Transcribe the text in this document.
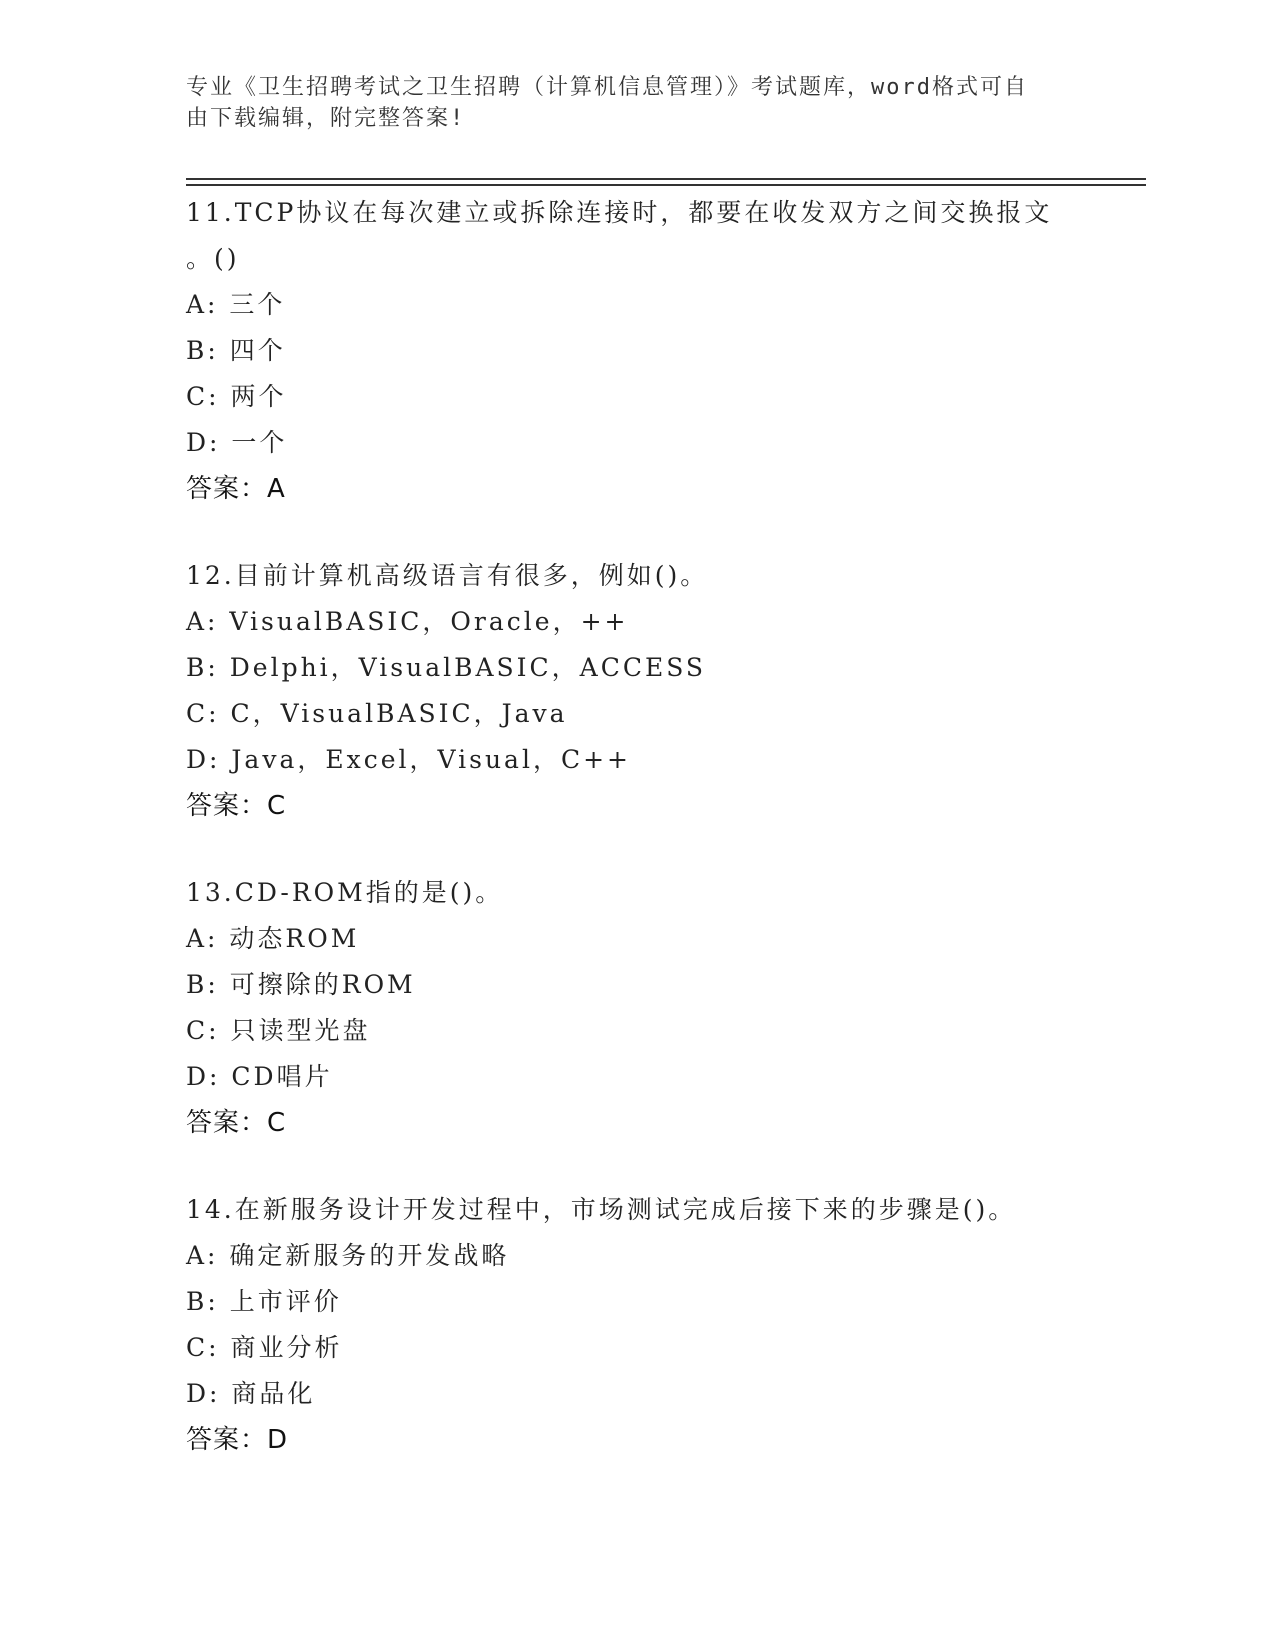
专业《卫生招聘考试之卫生招聘（计算机信息管理）》考试题库，word格式可自
由下载编辑，附完整答案!
11.TCP协议在每次建立或拆除连接时，都要在收发双方之间交换报文
。()
A: 三个
B: 四个
C: 两个
D: 一个
答案：A
12.目前计算机高级语言有很多，例如()。
A: VisualBASIC，Oracle，++
B: Delphi，VisualBASIC，ACCESS
C: C，VisualBASIC，Java
D: Java，Excel，Visual，C++
答案：C
13.CD-ROM指的是()。
A: 动态ROM
B: 可擦除的ROM
C: 只读型光盘
D: CD唱片
答案：C
14.在新服务设计开发过程中，市场测试完成后接下来的步骤是()。
A: 确定新服务的开发战略
B: 上市评价
C: 商业分析
D: 商品化
答案：D
